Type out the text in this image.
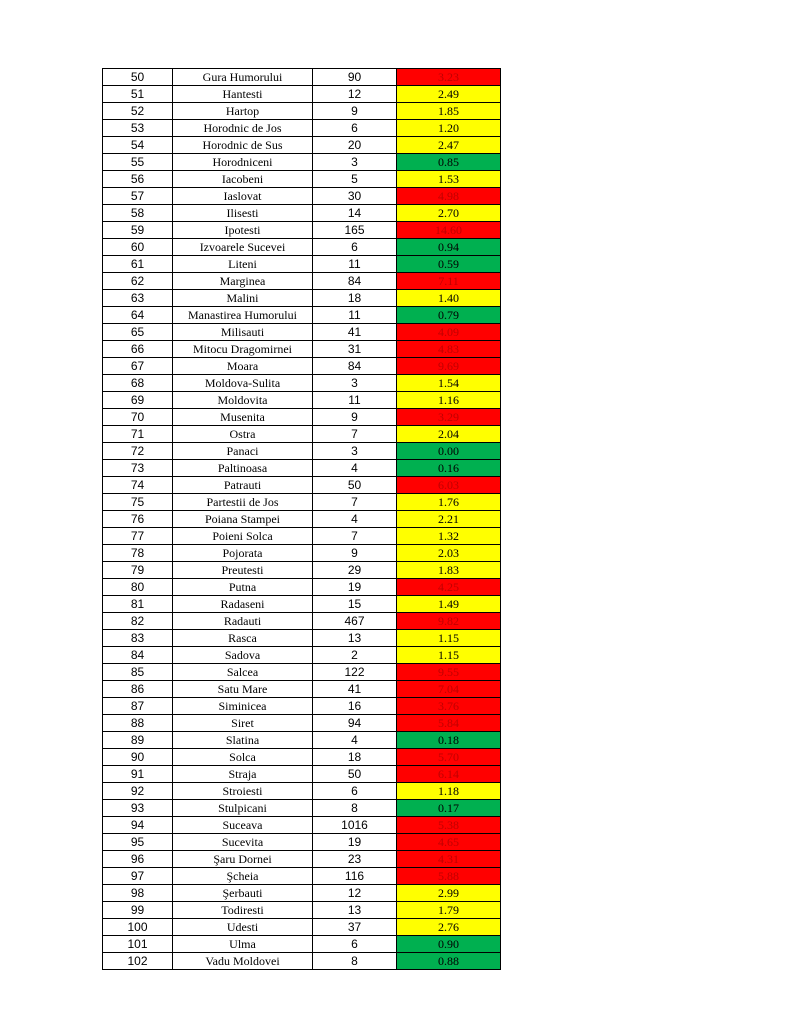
50	Gura Humorului	90	3.23
51	Hantesti	12	2.49
52	Hartop	9	1.85
53	Horodnic de Jos	6	1.20
54	Horodnic de Sus	20	2.47
55	Horodniceni	3	0.85
56	Iacobeni	5	1.53
57	Iaslovat	30	4.98
58	Ilisesti	14	2.70
59	Ipotesti	165	14.60
60	Izvoarele Sucevei	6	0.94
61	Liteni	11	0.59
62	Marginea	84	7.11
63	Malini	18	1.40
64	Manastirea Humorului	11	0.79
65	Milisauti	41	4.09
66	Mitocu Dragomirnei	31	4.83
67	Moara	84	9.69
68	Moldova-Sulita	3	1.54
69	Moldovita	11	1.16
70	Musenita	9	3.29
71	Ostra	7	2.04
72	Panaci	3	0.00
73	Paltinoasa	4	0.16
74	Patrauti	50	6.03
75	Partestii de Jos	7	1.76
76	Poiana Stampei	4	2.21
77	Poieni Solca	7	1.32
78	Pojorata	9	2.03
79	Preutesti	29	1.83
80	Putna	19	4.25
81	Radaseni	15	1.49
82	Radauti	467	9.82
83	Rasca	13	1.15
84	Sadova	2	1.15
85	Salcea	122	9.55
86	Satu Mare	41	7.04
87	Siminicea	16	3.76
88	Siret	94	5.84
89	Slatina	4	0.18
90	Solca	18	5.70
91	Straja	50	6.14
92	Stroiesti	6	1.18
93	Stulpicani	8	0.17
94	Suceava	1016	5.38
95	Sucevita	19	4.65
96	Şaru Dornei	23	4.31
97	Şcheia	116	5.88
98	Şerbauti	12	2.99
99	Todiresti	13	1.79
100	Udesti	37	2.76
101	Ulma	6	0.90
102	Vadu Moldovei	8	0.88
